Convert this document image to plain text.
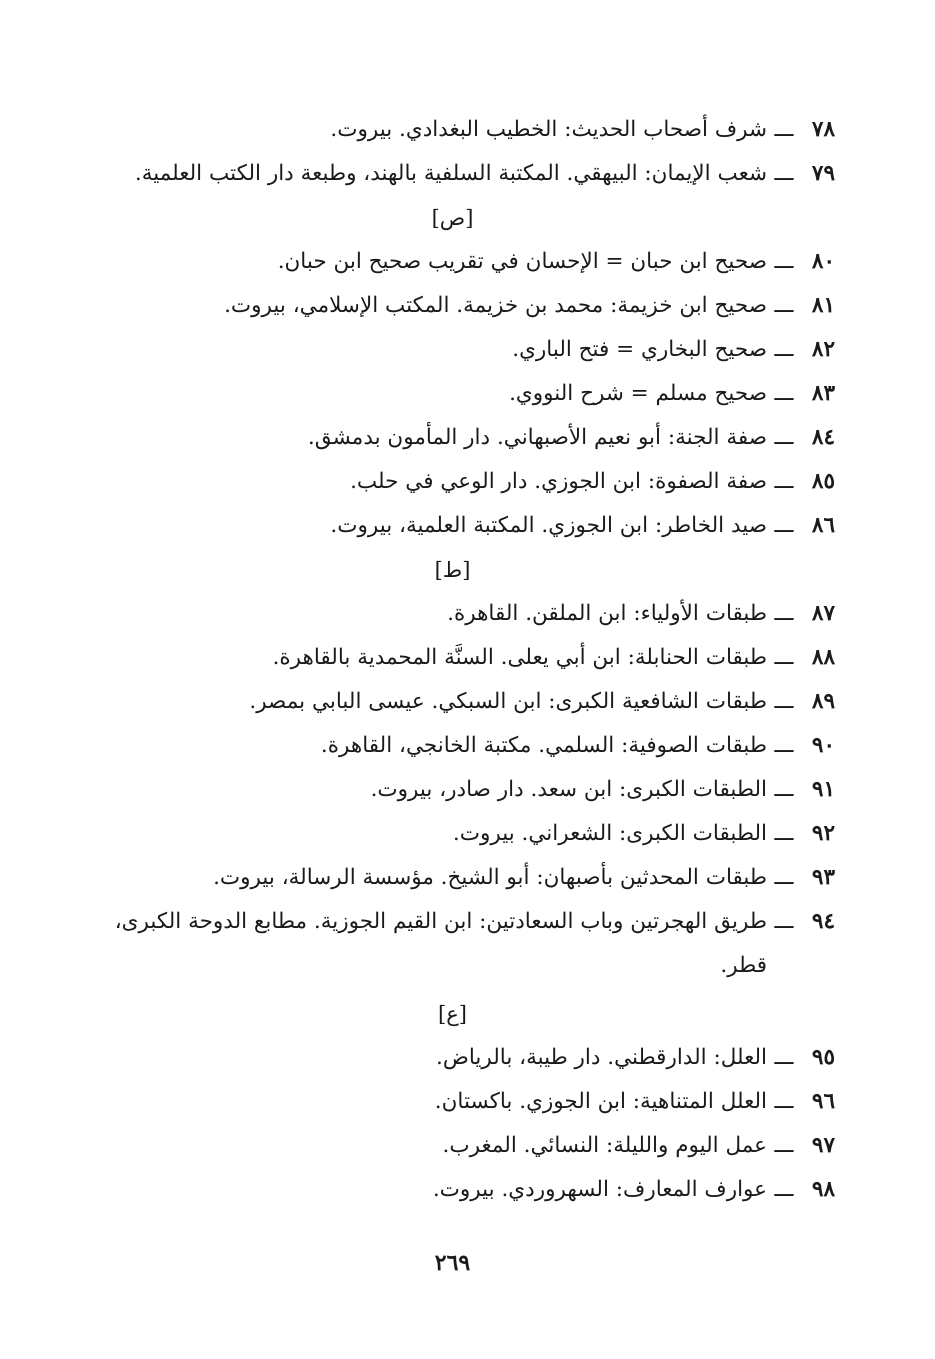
٧٨
ـــ
شرف أصحاب الحديث: الخطيب البغدادي. بيروت.
٧٩
ـــ
شعب الإيمان: البيهقي. المكتبة السلفية بالهند، وطبعة دار الكتب العلمية.
[ص]
٨٠
ـــ
صحيح ابن حبان = الإحسان في تقريب صحيح ابن حبان.
٨١
ـــ
صحيح ابن خزيمة: محمد بن خزيمة. المكتب الإسلامي، بيروت.
٨٢
ـــ
صحيح البخاري = فتح الباري.
٨٣
ـــ
صحيح مسلم = شرح النووي.
٨٤
ـــ
صفة الجنة: أبو نعيم الأصبهاني. دار المأمون بدمشق.
٨٥
ـــ
صفة الصفوة: ابن الجوزي. دار الوعي في حلب.
٨٦
ـــ
صيد الخاطر: ابن الجوزي. المكتبة العلمية، بيروت.
[ط]
٨٧
ـــ
طبقات الأولياء: ابن الملقن. القاهرة.
٨٨
ـــ
طبقات الحنابلة: ابن أبي يعلى. السنَّة المحمدية بالقاهرة.
٨٩
ـــ
طبقات الشافعية الكبرى: ابن السبكي. عيسى البابي بمصر.
٩٠
ـــ
طبقات الصوفية: السلمي. مكتبة الخانجي، القاهرة.
٩١
ـــ
الطبقات الكبرى: ابن سعد. دار صادر، بيروت.
٩٢
ـــ
الطبقات الكبرى: الشعراني. بيروت.
٩٣
ـــ
طبقات المحدثين بأصبهان: أبو الشيخ. مؤسسة الرسالة، بيروت.
٩٤
ـــ
طريق الهجرتين وباب السعادتين: ابن القيم الجوزية. مطابع الدوحة الكبرى، قطر.
[ع]
٩٥
ـــ
العلل: الدارقطني. دار طيبة، بالرياض.
٩٦
ـــ
العلل المتناهية: ابن الجوزي. باكستان.
٩٧
ـــ
عمل اليوم والليلة: النسائي. المغرب.
٩٨
ـــ
عوارف المعارف: السهروردي. بيروت.
٢٦٩
